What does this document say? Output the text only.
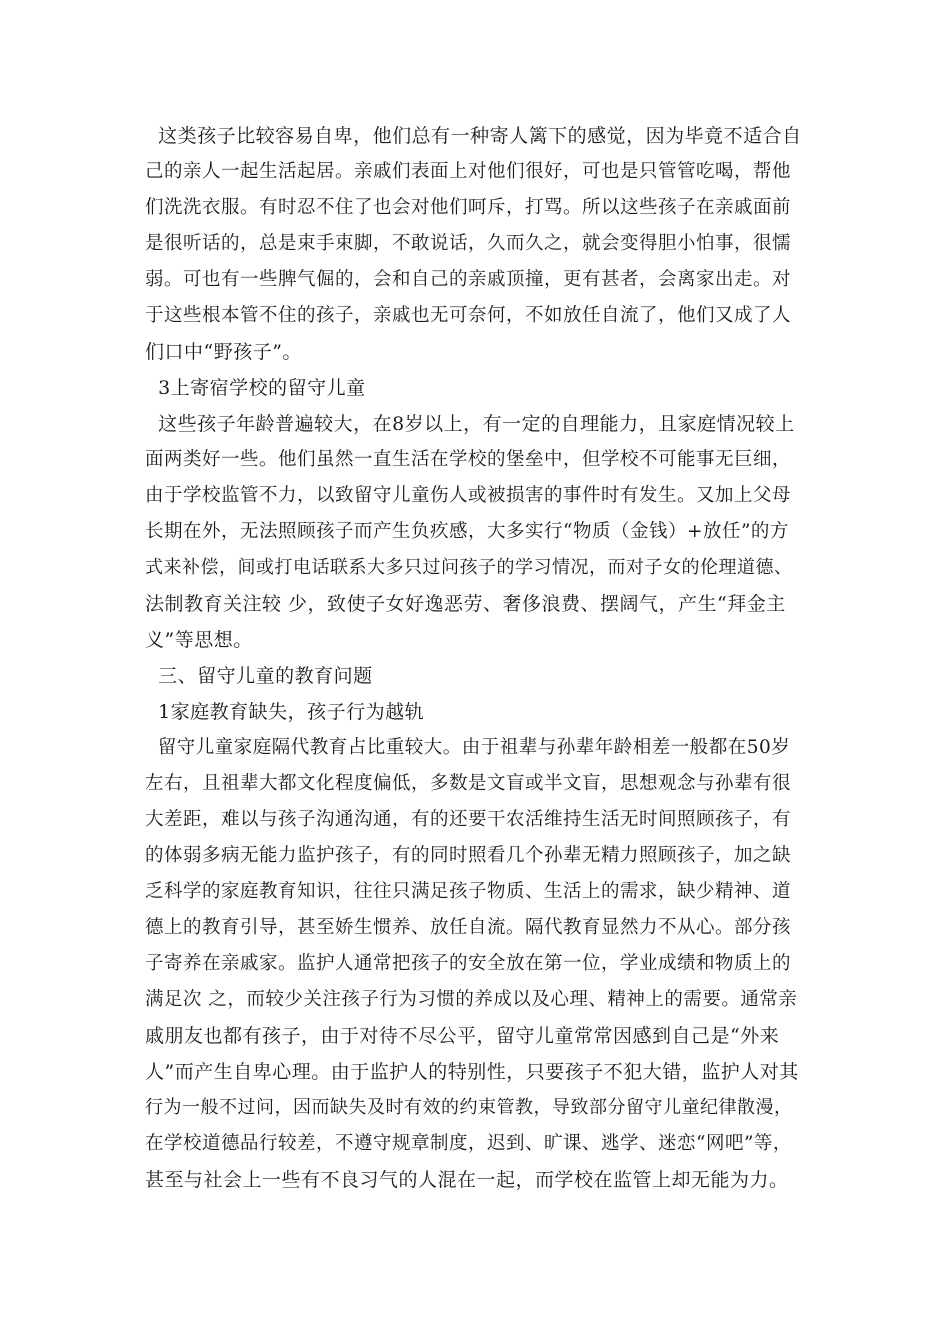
这类孩子比较容易自卑，他们总有一种寄人篱下的感觉，因为毕竟不适合自
己的亲人一起生活起居。亲戚们表面上对他们很好，可也是只管管吃喝，帮他
们洗洗衣服。有时忍不住了也会对他们呵斥，打骂。所以这些孩子在亲戚面前
是很听话的，总是束手束脚，不敢说话，久而久之，就会变得胆小怕事，很懦
弱。可也有一些脾气倔的，会和自己的亲戚顶撞，更有甚者，会离家出走。对
于这些根本管不住的孩子，亲戚也无可奈何，不如放任自流了，他们又成了人
们口中“野孩子”。
3上寄宿学校的留守儿童
这些孩子年龄普遍较大，在8岁以上，有一定的自理能力，且家庭情况较上
面两类好一些。他们虽然一直生活在学校的堡垒中，但学校不可能事无巨细，
由于学校监管不力，以致留守儿童伤人或被损害的事件时有发生。又加上父母
长期在外，无法照顾孩子而产生负疚感，大多实行“物质（金钱）+放任”的方
式来补偿，间或打电话联系大多只过问孩子的学习情况，而对子女的伦理道德、
法制教育关注较 少，致使子女好逸恶劳、奢侈浪费、摆阔气，产生“拜金主
义”等思想。
三、留守儿童的教育问题
1家庭教育缺失，孩子行为越轨
留守儿童家庭隔代教育占比重较大。由于祖辈与孙辈年龄相差一般都在50岁
左右，且祖辈大都文化程度偏低，多数是文盲或半文盲，思想观念与孙辈有很
大差距，难以与孩子沟通沟通，有的还要干农活维持生活无时间照顾孩子，有
的体弱多病无能力监护孩子，有的同时照看几个孙辈无精力照顾孩子，加之缺
乏科学的家庭教育知识，往往只满足孩子物质、生活上的需求，缺少精神、道
德上的教育引导，甚至娇生惯养、放任自流。隔代教育显然力不从心。部分孩
子寄养在亲戚家。监护人通常把孩子的安全放在第一位，学业成绩和物质上的
满足次 之，而较少关注孩子行为习惯的养成以及心理、精神上的需要。通常亲
戚朋友也都有孩子，由于对待不尽公平，留守儿童常常因感到自己是“外来
人”而产生自卑心理。由于监护人的特别性，只要孩子不犯大错，监护人对其
行为一般不过问，因而缺失及时有效的约束管教，导致部分留守儿童纪律散漫，
在学校道德品行较差，不遵守规章制度，迟到、旷课、逃学、迷恋“网吧”等，
甚至与社会上一些有不良习气的人混在一起，而学校在监管上却无能为力。
